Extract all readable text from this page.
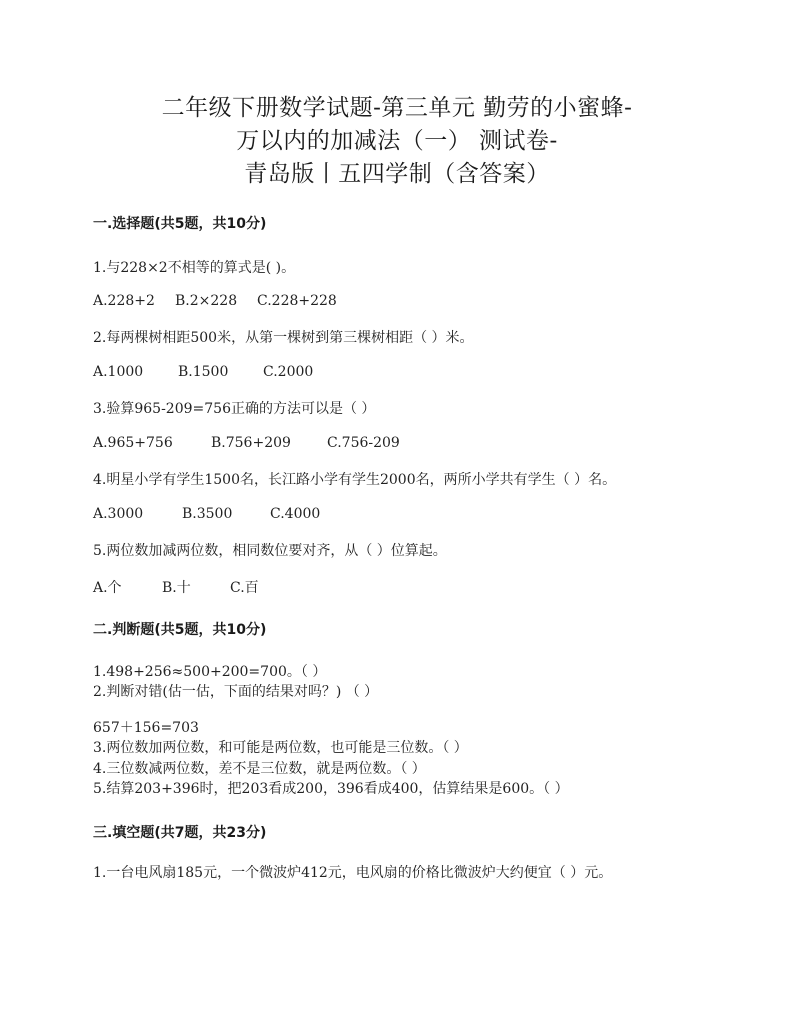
二年级下册数学试题-第三单元 勤劳的小蜜蜂-
万以内的加减法（一） 测试卷-
青岛版丨五四学制（含答案）
一.选择题(共5题，共10分)
1.与228×2不相等的算式是( )。
A.228+2	B.2×228	C.228+228
2.每两棵树相距500米，从第一棵树到第三棵树相距（ ）米。
A.1000	B.1500	C.2000
3.验算965-209=756正确的方法可以是（ ）
A.965+756	B.756+209	C.756-209
4.明星小学有学生1500名，长江路小学有学生2000名，两所小学共有学生（ ）名。
A.3000	B.3500	C.4000
5.两位数加减两位数，相同数位要对齐，从（ ）位算起。
A.个	B.十	C.百
二.判断题(共5题，共10分)
1.498+256≈500+200=700。（ ）
2.判断对错(估一估，下面的结果对吗？) （ ）
657＋156=703
3.两位数加两位数，和可能是两位数，也可能是三位数。（ ）
4.三位数减两位数，差不是三位数，就是两位数。（ ）
5.结算203+396时，把203看成200，396看成400，估算结果是600。（ ）
三.填空题(共7题，共23分)
1.一台电风扇185元，一个微波炉412元，电风扇的价格比微波炉大约便宜（ ）元。
